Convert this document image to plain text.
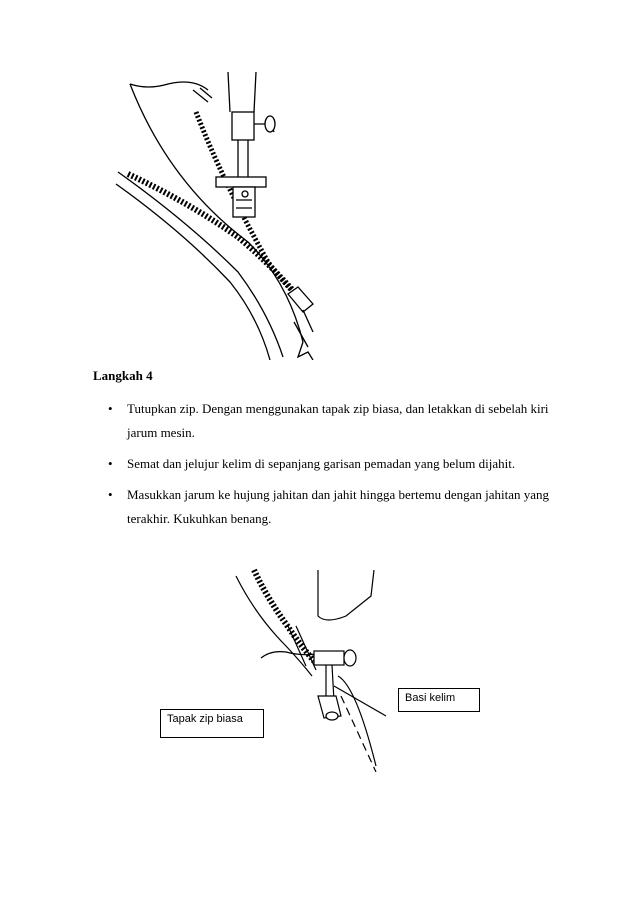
Langkah 4
• Tutupkan zip. Dengan menggunakan tapak zip biasa, dan letakkan di sebelah kiri jarum mesin.
• Semat dan jelujur kelim di sepanjang garisan pemadan yang belum dijahit.
• Masukkan jarum ke hujung jahitan dan jahit hingga bertemu dengan jahitan yang terakhir. Kukuhkan benang.
Basi kelim
Tapak zip biasa
